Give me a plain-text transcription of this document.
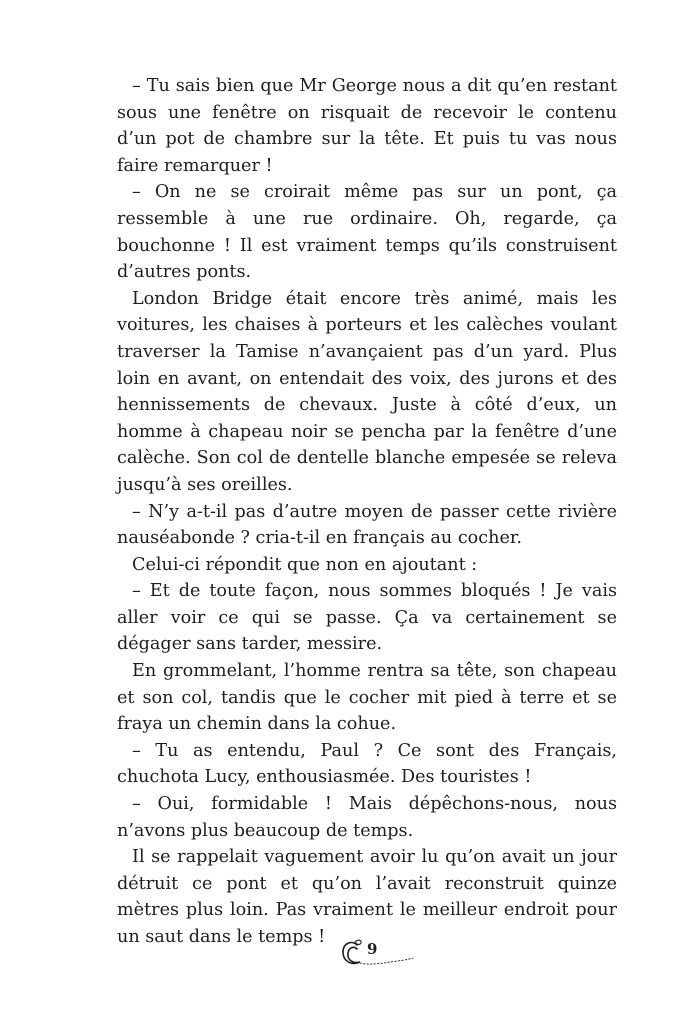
– Tu sais bien que Mr George nous a dit qu’en restant sous une fenêtre on risquait de recevoir le contenu d’un pot de chambre sur la tête. Et puis tu vas nous faire remarquer !

– On ne se croirait même pas sur un pont, ça ressemble à une rue ordinaire. Oh, regarde, ça bouchonne ! Il est vraiment temps qu’ils construisent d’autres ponts.

London Bridge était encore très animé, mais les voitures, les chaises à porteurs et les calèches voulant traverser la Tamise n’avançaient pas d’un yard. Plus loin en avant, on entendait des voix, des jurons et des hennissements de chevaux. Juste à côté d’eux, un homme à chapeau noir se pencha par la fenêtre d’une calèche. Son col de dentelle blanche empesée se releva jusqu’à ses oreilles.

– N’y a-t-il pas d’autre moyen de passer cette rivière nauséabonde ? cria-t-il en français au cocher.

Celui-ci répondit que non en ajoutant :

– Et de toute façon, nous sommes bloqués ! Je vais aller voir ce qui se passe. Ça va certainement se dégager sans tarder, messire.

En grommelant, l’homme rentra sa tête, son chapeau et son col, tandis que le cocher mit pied à terre et se fraya un chemin dans la cohue.

– Tu as entendu, Paul ? Ce sont des Français, chuchota Lucy, enthousiasmée. Des touristes !

– Oui, formidable ! Mais dépêchons-nous, nous n’avons plus beaucoup de temps.

Il se rappelait vaguement avoir lu qu’on avait un jour détruit ce pont et qu’on l’avait reconstruit quinze mètres plus loin. Pas vraiment le meilleur endroit pour un saut dans le temps !

9
